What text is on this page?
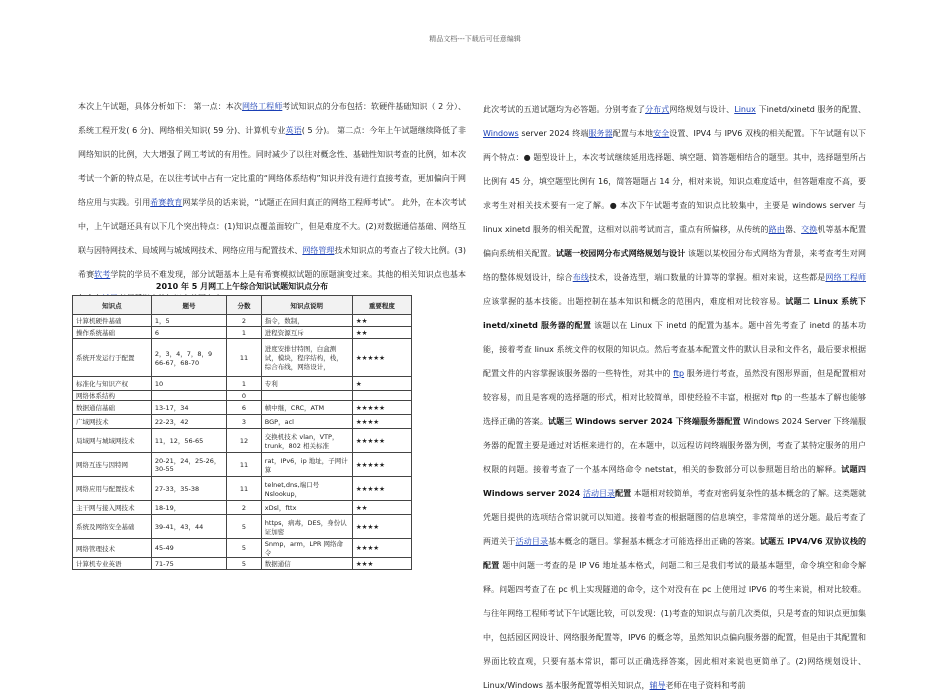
精品文档---下载后可任意编辑
本次上午试题，具体分析如下： 第一点：本次网络工程师考试知识点的分布包括：软硬件基础知识（ 2 分）、系统工程开发( 6 分)、网络相关知识( 59 分)、计算机专业英语( 5 分)。 第二点：今年上午试题继续降低了非网络知识的比例，大大增强了网工考试的有用性。同时减少了以往对概念性、基础性知识考查的比例，如本次考试一个新的特点是，在以往考试中占有一定比重的“网络体系结构”知识并没有进行直接考查，更加偏向于网络应用与实践。引用希赛教育网某学员的话来说，“试题正在回归真正的网络工程师考试”。 此外，在本次考试中，上午试题还具有以下几个突出特点：(1)知识点覆盖面较广，但是难度不大。(2)对数据通信基础、网络互联与因特网技术、局域网与城域网技术、网络应用与配置技术、网络管理技术知识点的考查占了较大比例。(3)希赛软考学院的学员不难发现，部分试题基本上是有希赛模拟试题的原题演变过来。其他的相关知识点也基本
2010 年 5 月网工上午综合知识试题知识点分布
知识点	题号	分数	知识点说明	重要程度
计算机硬件基础	1，5	2	指令，数制，	★★
操作系统基础	6	1	进程资源互斥	★★
系统开发运行于配置	2，3，4，7，8，9 66-67，68-70	11	进度安排甘特图，白盒测试，模块，程序结构，栈，综合布线，网络设计，	★★★★★
标准化与知识产权	10	1	专利	★
网络体系结构		0		
数据通信基础	13-17，34	6	帧中继，CRC，ATM	★★★★★
广域网技术	22-23，42	3	BGP，acl	★★★★
局域网与城域网技术	11，12，56-65	12	交换机技术 vlan，VTP，trunk，802 相关标准	★★★★★
网络互连与因特网	20-21，24，25-26，30-55	11	rat，IPv6，ip 地址，子网计算	★★★★★
网络应用与配置技术	27-33，35-38	11	telnet,dns,端口号 Nslookup，	★★★★★
主干网与接入网技术	18-19，	2	xDsl，fttx	★★
系统及网络安全基础	39-41，43，44	5	https，病毒，DES，身份认证加密	★★★★
网络管理技术	45-49	5	Snmp，arm，LPR 网络命令	★★★★
计算机专业英语	71-75	5	数据通信	★★★
此次考试的五道试题均为必答题。分别考查了分布式网络规划与设计、Linux 下inetd/xinetd 服务的配置、Windows server 2024 终端服务器配置与本地安全设置、IPV4 与 IPV6 双栈的相关配置。下午试题有以下两个特点：● 题型设计上，本次考试继续延用选择题、填空题、简答题相结合的题型。其中，选择题型所占比例有 45 分，填空题型比例有 16，简答题题占 14 分，相对来说，知识点难度适中，但答题难度不高，要求考生对相关技术要有一定了解。● 本次下午试题考查的知识点比较集中，主要是 windows server 与 linux xinetd 服务的相关配置，这相对以前考试而言，重点有所偏移，从传统的路由器、交换机等基本配置偏向系统相关配置。试题一校园网分布式网络规划与设计 该题以某校园分布式网络为背景，来考查考生对网络的整体规划设计，综合布线技术，设备选型，端口数量的计算等的掌握。相对来说，这些都是网络工程师应该掌握的基本技能。出题控制在基本知识和概念的范围内，难度相对比较容易。试题二 Linux 系统下 inetd/xinetd 服务器的配置 该题以在 Linux 下 inetd 的配置为基本。题中首先考查了 inetd 的基本功能，接着考查 linux 系统文件的权限的知识点。然后考查基本配置文件的默认目录和文件名，最后要求根据配置文件的内容掌握该服务器的一些特性，对其中的 ftp 服务进行考查，虽然没有图形界面，但是配置相对较容易，而且是客观的选择题的形式，相对比较简单，即使经验不丰富，根据对 ftp 的一些基本了解也能够选择正确的答案。试题三 Windows server 2024 下终端服务器配置 Windows 2024 Server 下终端服务器的配置主要是通过对话框来进行的，在本题中，以远程访问终端服务器为例，考查了某特定服务的用户权限的问题。接着考查了一个基本网络命令 netstat，相关的参数部分可以参照题目给出的解释。试题四 Windows server 2024 活动目录配置 本题相对较简单，考查对密码复杂性的基本概念的了解。这类题就凭题目提供的选项结合常识就可以知道。接着考查的根据题图的信息填空，非常简单的送分题。最后考查了两道关于活动目录基本概念的题目。掌握基本概念才可能选择出正确的答案。试题五 IPV4/V6 双协议栈的配置 题中问题一考查的是 IP V6 地址基本格式，问题二和三是我们考试的最基本题型，命令填空和命令解释。问题四考查了在 pc 机上实现隧道的命令，这个对没有在 pc 上使用过 IPV6 的考生来说，相对比较难。 与往年网络工程师考试下午试题比较，可以发现：(1)考查的知识点与前几次类似，只是考查的知识点更加集中，包括园区网设计、网络服务配置等，IPV6 的概念等，虽然知识点偏向服务器的配置，但是由于其配置和界面比较直观，只要有基本常识，都可以正确选择答案，因此相对来说也更简单了。(2)网络规划设计、Linux/Windows 基本服务配置等相关知识点，辅导老师在电子资料和考前
